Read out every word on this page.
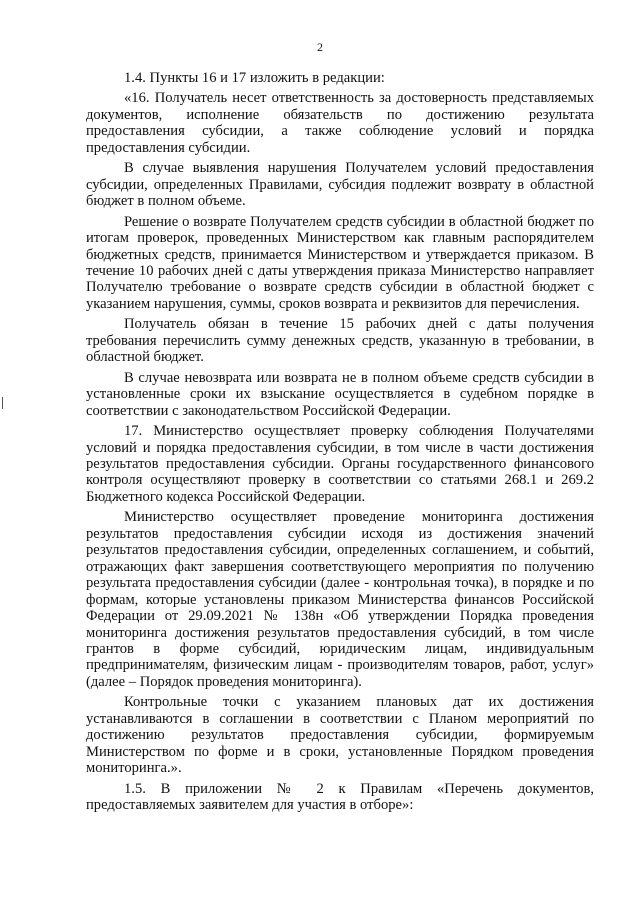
2

1.4. Пункты 16 и 17 изложить в редакции:

«16. Получатель несет ответственность за достоверность представляемых документов, исполнение обязательств по достижению результата предоставления субсидии, а также соблюдение условий и порядка предоставления субсидии.

В случае выявления нарушения Получателем условий предоставления субсидии, определенных Правилами, субсидия подлежит возврату в областной бюджет в полном объеме.

Решение о возврате Получателем средств субсидии в областной бюджет по итогам проверок, проведенных Министерством как главным распорядителем бюджетных средств, принимается Министерством и утверждается приказом. В течение 10 рабочих дней с даты утверждения приказа Министерство направляет Получателю требование о возврате средств субсидии в областной бюджет с указанием нарушения, суммы, сроков возврата и реквизитов для перечисления.

Получатель обязан в течение 15 рабочих дней с даты получения требования перечислить сумму денежных средств, указанную в требовании, в областной бюджет.

В случае невозврата или возврата не в полном объеме средств субсидии в установленные сроки их взыскание осуществляется в судебном порядке в соответствии с законодательством Российской Федерации.

17. Министерство осуществляет проверку соблюдения Получателями условий и порядка предоставления субсидии, в том числе в части достижения результатов предоставления субсидии. Органы государственного финансового контроля осуществляют проверку в соответствии со статьями 268.1 и 269.2 Бюджетного кодекса Российской Федерации.

Министерство осуществляет проведение мониторинга достижения результатов предоставления субсидии исходя из достижения значений результатов предоставления субсидии, определенных соглашением, и событий, отражающих факт завершения соответствующего мероприятия по получению результата предоставления субсидии (далее - контрольная точка), в порядке и по формам, которые установлены приказом Министерства финансов Российской Федерации от 29.09.2021 № 138н «Об утверждении Порядка проведения мониторинга достижения результатов предоставления субсидий, в том числе грантов в форме субсидий, юридическим лицам, индивидуальным предпринимателям, физическим лицам - производителям товаров, работ, услуг» (далее – Порядок проведения мониторинга).

Контрольные точки с указанием плановых дат их достижения устанавливаются в соглашении в соответствии с Планом мероприятий по достижению результатов предоставления субсидии, формируемым Министерством по форме и в сроки, установленные Порядком проведения мониторинга.».

1.5. В приложении № 2 к Правилам «Перечень документов, предоставляемых заявителем для участия в отборе»:
